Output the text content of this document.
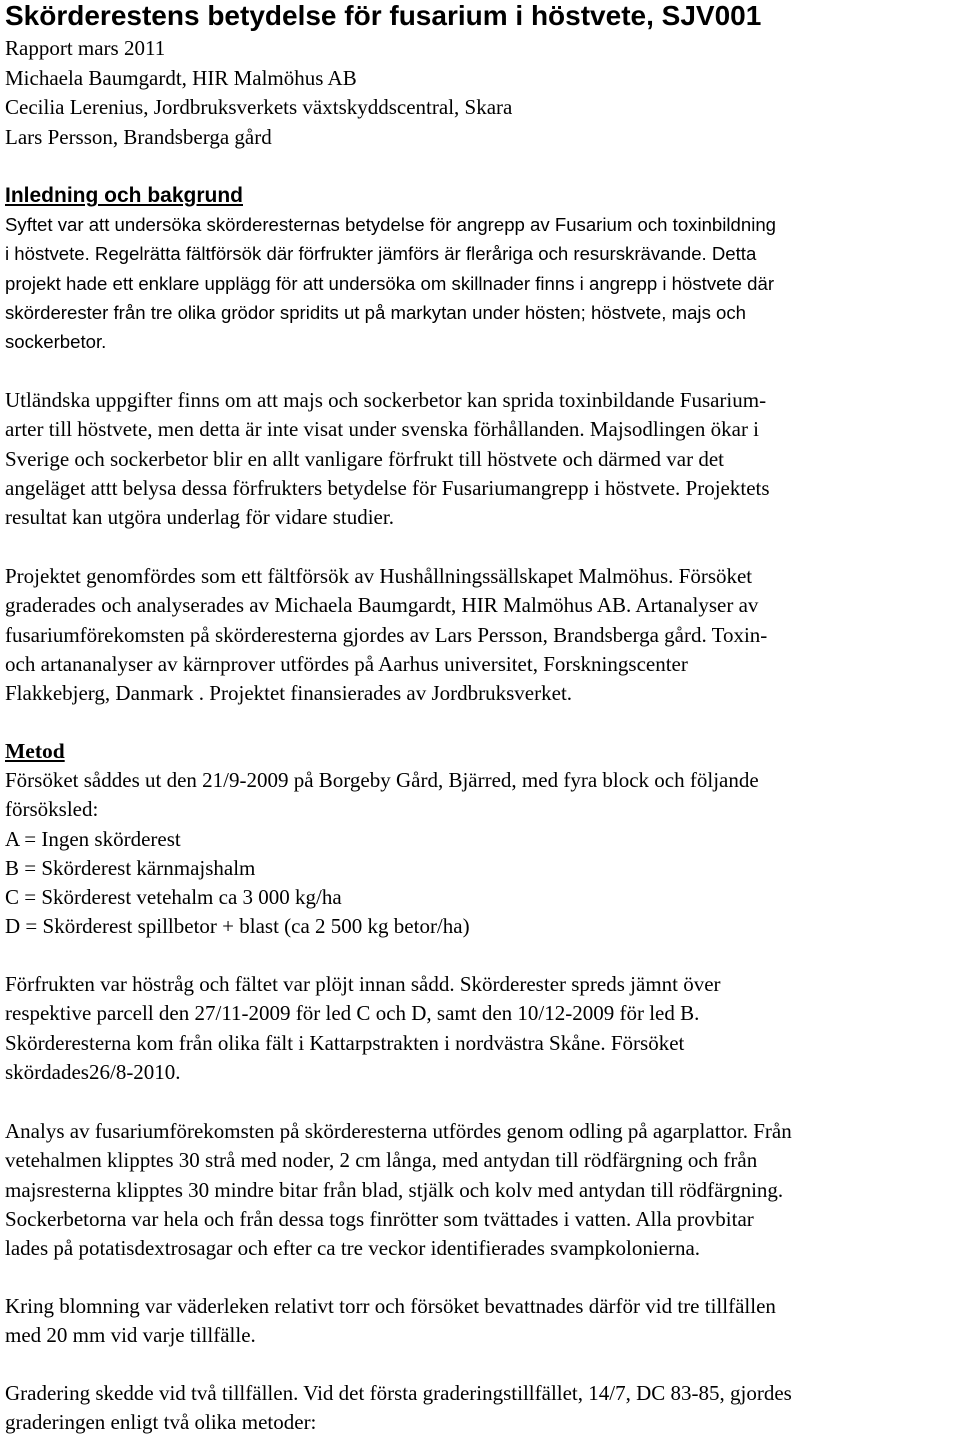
Skörderestens betydelse för fusarium i höstvete, SJV001
Rapport mars 2011
Michaela Baumgardt, HIR Malmöhus AB
Cecilia Lerenius, Jordbruksverkets växtskyddscentral, Skara
Lars Persson, Brandsberga gård
Inledning och bakgrund
Syftet var att undersöka skörderesternas betydelse för angrepp av Fusarium och toxinbildning
i höstvete. Regelrätta fältförsök där förfrukter jämförs är fleråriga och resurskrävande. Detta
projekt hade ett enklare upplägg för att undersöka om skillnader finns i angrepp i höstvete där
skörderester från tre olika grödor spridits ut på markytan under hösten; höstvete, majs och
sockerbetor.
Utländska uppgifter finns om att majs och sockerbetor kan sprida toxinbildande Fusarium-
arter till höstvete, men detta är inte visat under svenska förhållanden. Majsodlingen ökar i
Sverige och sockerbetor blir en allt vanligare förfrukt till höstvete och därmed var det
angeläget attt belysa dessa förfrukters betydelse för Fusariumangrepp i höstvete. Projektets
resultat kan utgöra underlag för vidare studier.
Projektet genomfördes som ett fältförsök av Hushållningssällskapet Malmöhus. Försöket
graderades och analyserades av Michaela Baumgardt, HIR Malmöhus AB. Artanalyser av
fusariumförekomsten på skörderesterna gjordes av Lars Persson, Brandsberga gård. Toxin-
och artananalyser av kärnprover utfördes på Aarhus universitet, Forskningscenter
Flakkebjerg, Danmark . Projektet finansierades av Jordbruksverket.
Metod
Försöket såddes ut den 21/9-2009 på Borgeby Gård, Bjärred, med fyra block och följande
försöksled:
A = Ingen skörderest
B = Skörderest kärnmajshalm
C = Skörderest vetehalm ca 3 000 kg/ha
D = Skörderest spillbetor + blast (ca 2 500 kg betor/ha)
Förfrukten var höstråg och fältet var plöjt innan sådd. Skörderester spreds jämnt över
respektive parcell den 27/11-2009 för led C och D, samt den 10/12-2009 för led B.
Skörderesterna kom från olika fält i Kattarpstrakten i nordvästra Skåne. Försöket
skördades26/8-2010.
Analys av fusariumförekomsten på skörderesterna utfördes genom odling på agarplattor. Från
vetehalmen klipptes 30 strå med noder, 2 cm långa, med antydan till rödfärgning och från
majsresterna klipptes 30 mindre bitar från blad, stjälk och kolv med antydan till rödfärgning.
Sockerbetorna var hela och från dessa togs finrötter som tvättades i vatten. Alla provbitar
lades på potatisdextrosagar och efter ca tre veckor identifierades svampkolonierna.
Kring blomning var väderleken relativt torr och försöket bevattnades därför vid tre tillfällen
med 20 mm vid varje tillfälle.
Gradering skedde vid två tillfällen. Vid det första graderingstillfället, 14/7, DC 83-85, gjordes
graderingen enligt två olika metoder:
